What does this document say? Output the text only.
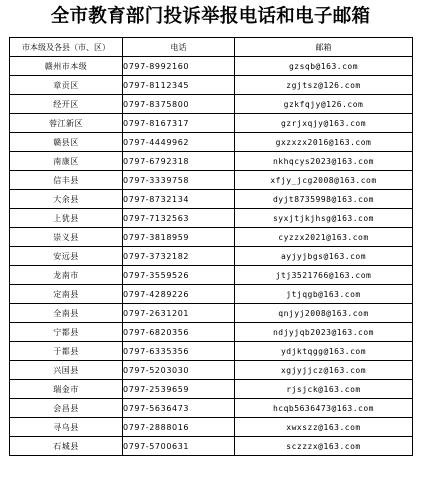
全市教育部门投诉举报电话和电子邮箱
市本级及各县（市、区）	电话	邮箱
赣州市本级	0797-8992160	gzsqb@163.com
章贡区	0797-8112345	zgjtsz@126.com
经开区	0797-8375800	gzkfqjy@126.com
蓉江新区	0797-8167317	gzrjxqjy@163.com
赣县区	0797-4449962	gxzxzx2016@163.com
南康区	0797-6792318	nkhqcys2023@163.com
信丰县	0797-3339758	xfjy_jcg2008@163.com
大余县	0797-8732134	dyjt8735998@163.com
上犹县	0797-7132563	syxjtjkjhsg@163.com
崇义县	0797-3818959	cyzzx2021@163.com
安远县	0797-3732182	ayjyjbgs@163.com
龙南市	0797-3559526	jtj3521766@163.com
定南县	0797-4289226	jtjqgb@163.com
全南县	0797-2631201	qnjyj2008@163.com
宁都县	0797-6820356	ndjyjqb2023@163.com
于都县	0797-6335356	ydjktqgg@163.com
兴国县	0797-5203030	xgjyjjcz@163.com
瑞金市	0797-2539659	rjsjck@163.com
会昌县	0797-5636473	hcqb5636473@163.com
寻乌县	0797-2888016	xwxszz@163.com
石城县	0797-5700631	sczzzx@163.com
